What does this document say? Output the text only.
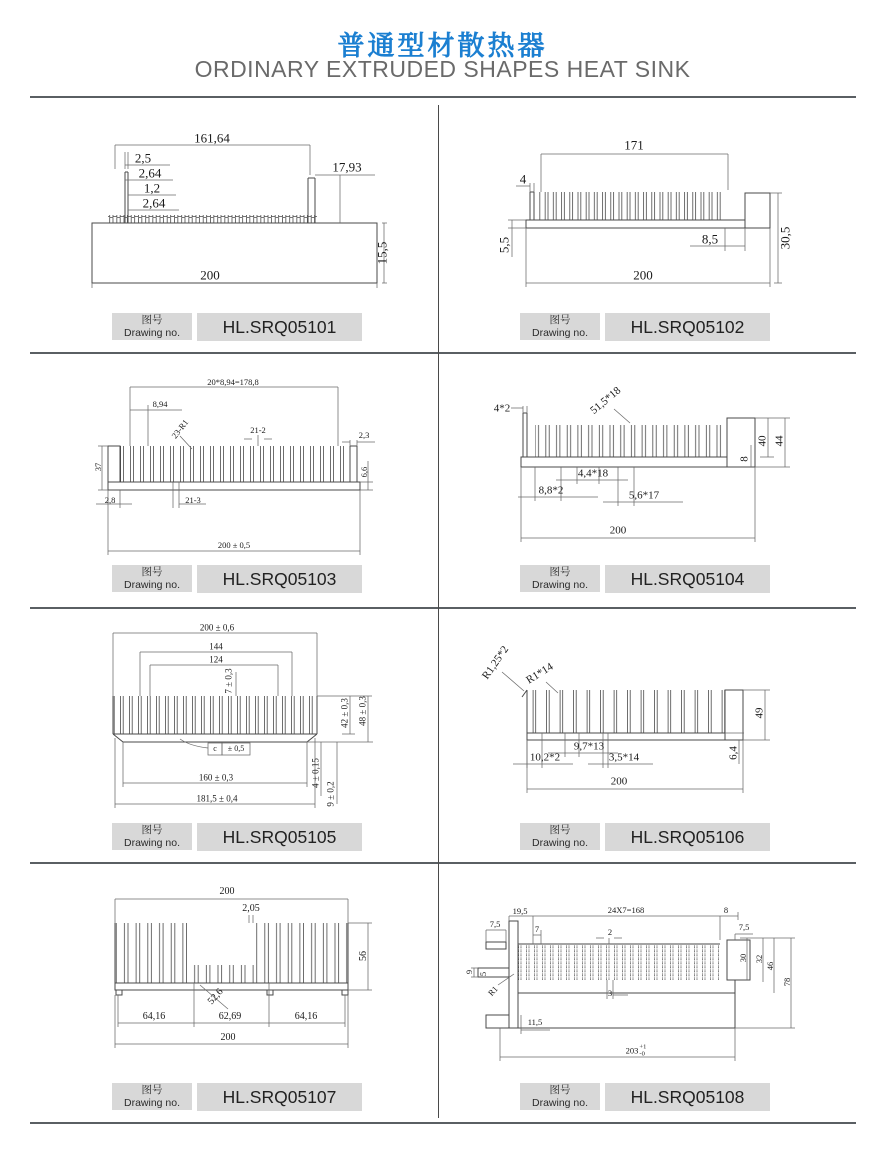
普通型材散热器
ORDINARY EXTRUDED SHAPES HEAT SINK
161,64
2,5
2,64
1,2
2,64
17,93
200
15,5
图号
Drawing no.	HL.SRQ05101
171
4
5,5	8,5
200
30,5
图号
Drawing no.	HL.SRQ05102
20*8,94=178,8
8,94
23-R1	21-2	2,3
37	6,6
2,8	21-3
200 ± 0,5
图号
Drawing no.	HL.SRQ05103
4*2	51,5*18
40 44
8
4,4*18
8,8*2	5,6*17
200
图号
Drawing no.	HL.SRQ05104
200 ± 0,6
144
124
7 ± 0,3
42 ± 0,3 48 ± 0,3
c ± 0,5
160 ± 0,3
181,5 ± 0,4
4 ± 0,15
9 ± 0,2
图号
Drawing no.	HL.SRQ05105
R1,25*2 R1*14
49
6,4
9,7*13
10,2*2	3,5*14
200
图号
Drawing no.	HL.SRQ05106
200
2,05
56
52,6
64,16	62,69	64,16
200
图号
Drawing no.	HL.SRQ05107
19,5	24X7=168	8
7,5	7	2	7,5
30 32
46
78
9 5
R1	3
11,5
203 +1
-0
图号
Drawing no.	HL.SRQ05108
